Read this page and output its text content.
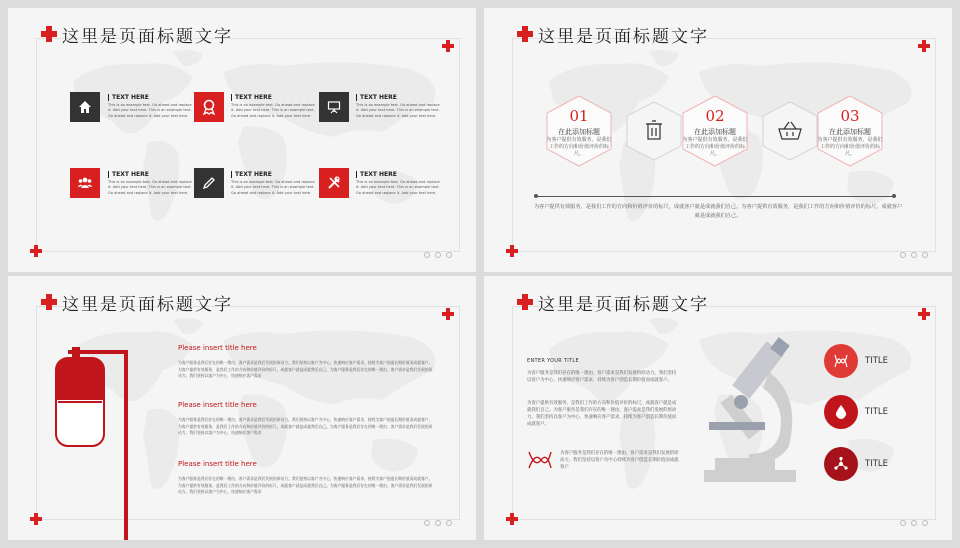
这里是页面标题文字
TEXT HERE
This is an example text. Go ahead and replace it. Add your text here. This is an example text. Go ahead and replace it. Add your text here.
TEXT HERE
This is an example text. Go ahead and replace it. Add your text here. This is an example text. Go ahead and replace it. Add your text here.
TEXT HERE
This is an example text. Go ahead and replace it. Add your text here. This is an example text. Go ahead and replace it. Add your text here.
TEXT HERE
This is an example text. Go ahead and replace it. Add your text here. This is an example text. Go ahead and replace it. Add your text here.
TEXT HERE
This is an example text. Go ahead and replace it. Add your text here. This is an example text. Go ahead and replace it. Add your text here.
TEXT HERE
This is an example text. Go ahead and replace it. Add your text here. This is an example text. Go ahead and replace it. Add your text here.
这里是页面标题文字
01
在此添加标题
为客户提供有效服务，是我们工作的方向和价值评价的标尺。
02
在此添加标题
为客户提供有效服务，是我们工作的方向和价值评价的标尺。
03
在此添加标题
为客户提供有效服务，是我们工作的方向和价值评价的标尺。
为客户提供有效服务，是我们工作的方向和价值评价的标尺，成就客户就是成就我们自己。为客户提供有效服务，是我们工作的方向和价值评价的标尺，成就客户就是成就我们自己。
这里是页面标题文字
Please insert title here
为客户服务是我们存在的唯一理由，客户需求是我们发展的原动力。我们坚持以客户为中心，快速响应客户需求，持续为客户创造长期价值而成就客户。为客户提供有效服务，是我们工作的方向和价值评价的标尺，成就客户就是成就我们自己。为客户服务是我们存在的唯一理由，客户需求是我们发展的原动力。我们坚持以客户为中心，快速响应客户需求
Please insert title here
为客户服务是我们存在的唯一理由，客户需求是我们发展的原动力。我们坚持以客户为中心，快速响应客户需求，持续为客户创造长期价值而成就客户。为客户提供有效服务，是我们工作的方向和价值评价的标尺，成就客户就是成就我们自己。为客户服务是我们存在的唯一理由，客户需求是我们发展的原动力。我们坚持以客户为中心，快速响应客户需求
Please insert title here
为客户服务是我们存在的唯一理由，客户需求是我们发展的原动力。我们坚持以客户为中心，快速响应客户需求，持续为客户创造长期价值而成就客户。为客户提供有效服务，是我们工作的方向和价值评价的标尺，成就客户就是成就我们自己。为客户服务是我们存在的唯一理由，客户需求是我们发展的原动力。我们坚持以客户为中心，快速响应客户需求
这里是页面标题文字
ENTER YOUR TITLE
为客户服务是我们存在的唯一理由，客户需求是我们发展的原动力。我们坚持以客户为中心，快速响应客户需求，持续为客户创造长期价值而成就客户。
为客户提供有效服务，是我们工作的方向和价值评价的标尺，成就客户就是成就我们自己。为客户服务是我们存在的唯一理由，客户需求是我们发展的原动力。我们坚持以客户为中心，快速响应客户需求，持续为客户创造长期价值而成就客户。
为客户服务是我们存在的唯一理由，客户需求是我们发展的原动力。我们坚持以客户为中心持续为客户创造长期价值而成就客户
TITLE
TITLE
TITLE
